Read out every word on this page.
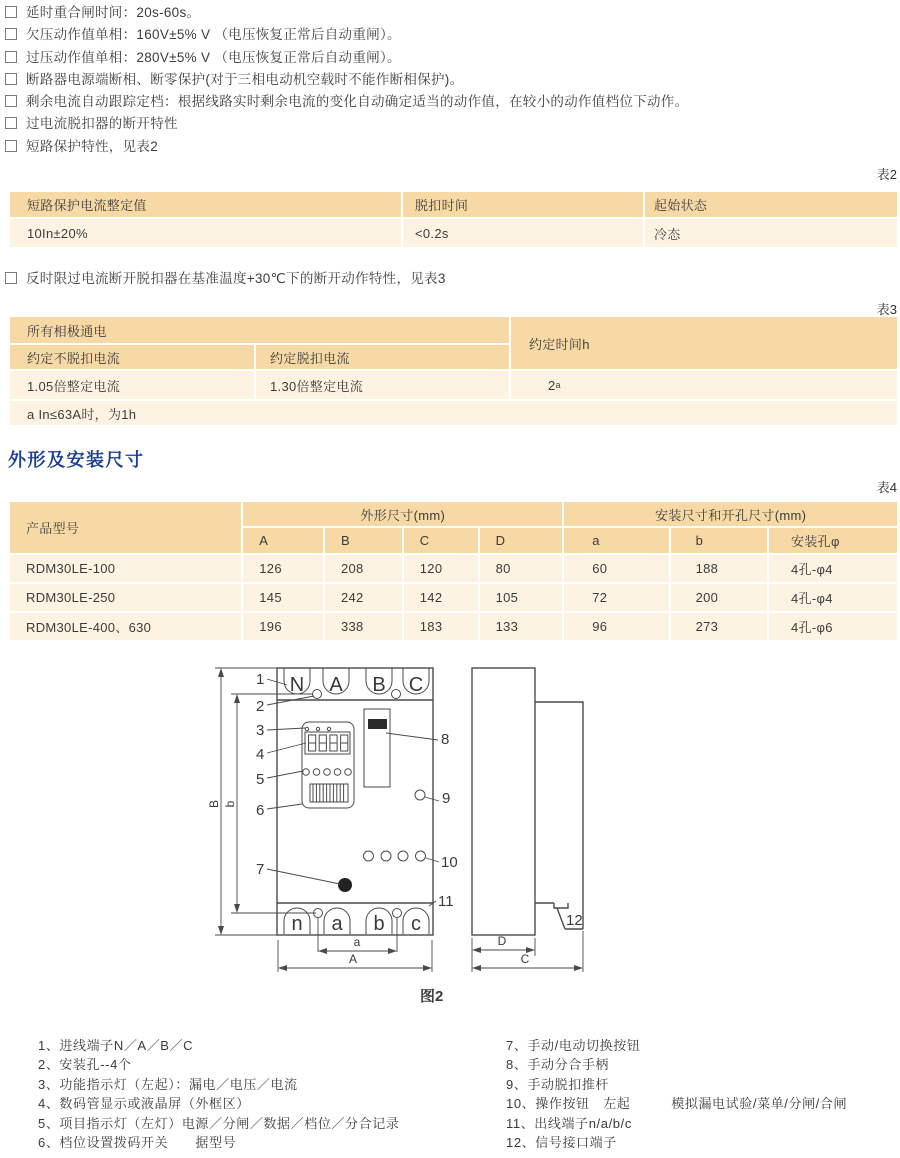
延时重合闸时间：20s-60s。
欠压动作值单相：160V±5% V （电压恢复正常后自动重闸）。
过压动作值单相：280V±5% V （电压恢复正常后自动重闸）。
断路器电源端断相、断零保护(对于三相电动机空载时不能作断相保护)。
剩余电流自动跟踪定档：根据线路实时剩余电流的变化自动确定适当的动作值，在较小的动作值档位下动作。
过电流脱扣器的断开特性
短路保护特性，见表2
表2
短路保护电流整定值	脱扣时间	起始状态
10In±20%	<0.2s	冷态
反时限过电流断开脱扣器在基准温度+30℃下的断开动作特性，见表3
表3
所有相极通电
约定时间h
约定不脱扣电流	约定脱扣电流
1.05倍整定电流	1.30倍整定电流	2 a
a In≤63A时，为1h
外形及安装尺寸
表4
产品型号
外形尺寸(mm)	安装尺寸和开孔尺寸(mm)
A	B	C	D	a	b	安装孔φ
RDM30LE-100	126	208	120	80	60	188	4孔-φ4
RDM30LE-250	145	242	142	105	72	200	4孔-φ4
RDM30LE-400、630	196	338	183	133	96	273	4孔-φ6
N A B C
n a b c
B b
a
A
D
C
1
2
3
4
5
6
7
8
9
10
11
12
图2
1、进线端子N／A／B／C
2、安装孔--4个
3、功能指示灯（左起）：漏电／电压／电流
4、数码管显示或液晶屏（外框区）
5、项目指示灯（左灯）电源／分闸／数据／档位／分合记录
6、档位设置拨码开关　　据型号
7、手动/电动切换按钮
8、手动分合手柄
9、手动脱扣推杆
10、操作按钮　左起　　　模拟漏电试验/菜单/分闸/合闸
11、出线端子n/a/b/c
12、信号接口端子
